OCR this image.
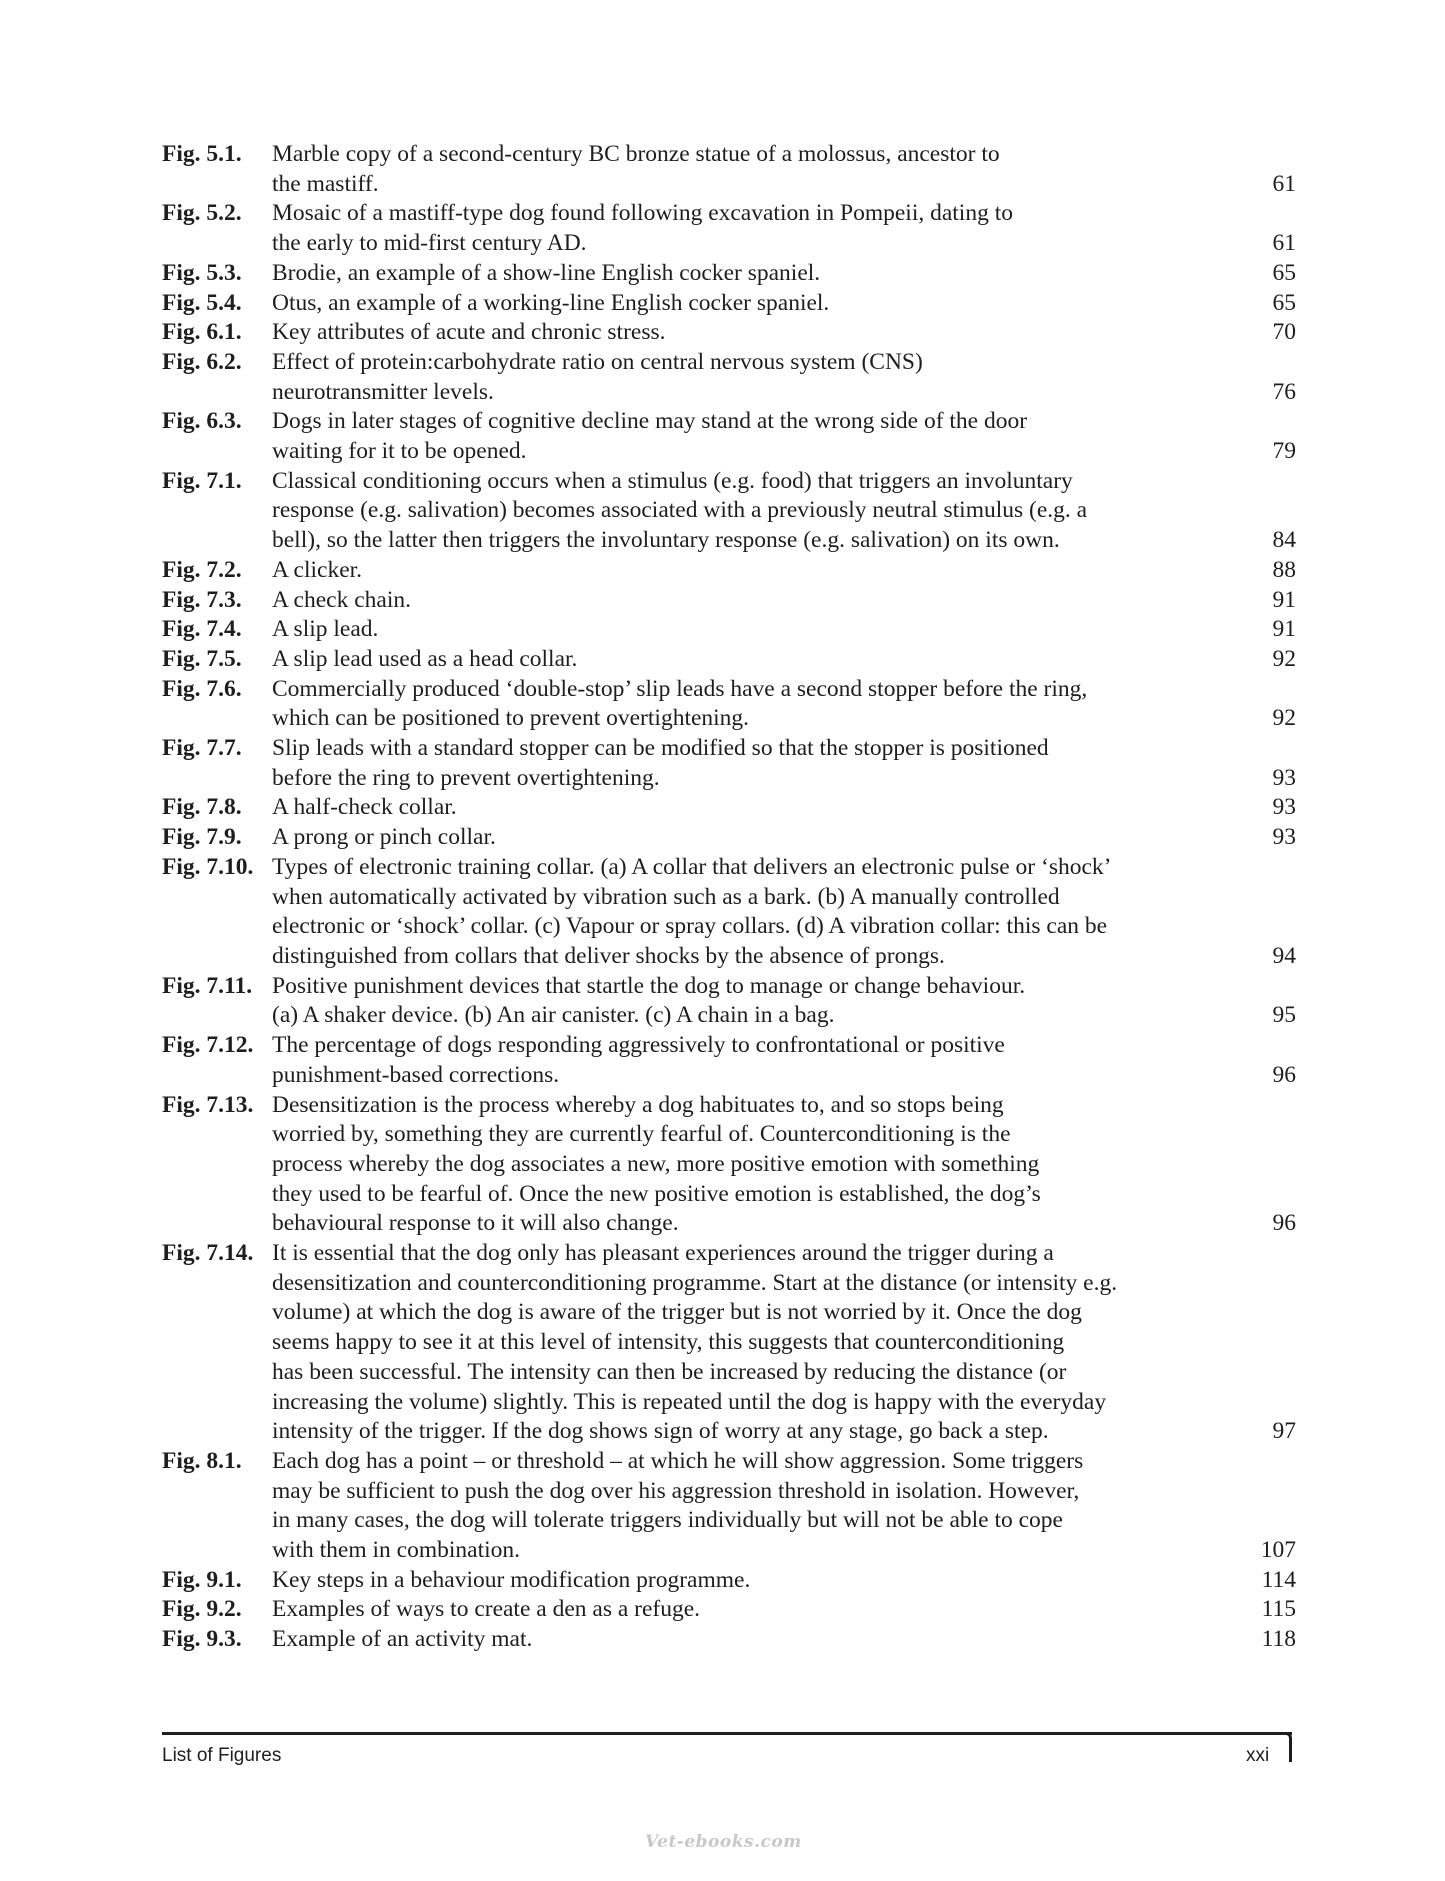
Fig. 5.1.	Marble copy of a second-century BC bronze statue of a molossus, ancestor to
the mastiff.	61
Fig. 5.2.	Mosaic of a mastiff-type dog found following excavation in Pompeii, dating to
the early to mid-first century AD.	61
Fig. 5.3.	Brodie, an example of a show-line English cocker spaniel.	65
Fig. 5.4.	Otus, an example of a working-line English cocker spaniel.	65
Fig. 6.1.	Key attributes of acute and chronic stress.	70
Fig. 6.2.	Effect of protein:carbohydrate ratio on central nervous system (CNS)
neurotransmitter levels.	76
Fig. 6.3.	Dogs in later stages of cognitive decline may stand at the wrong side of the door
waiting for it to be opened.	79
Fig. 7.1.	Classical conditioning occurs when a stimulus (e.g. food) that triggers an involuntary
response (e.g. salivation) becomes associated with a previously neutral stimulus (e.g. a
bell), so the latter then triggers the involuntary response (e.g. salivation) on its own.	84
Fig. 7.2.	A clicker.	88
Fig. 7.3.	A check chain.	91
Fig. 7.4.	A slip lead.	91
Fig. 7.5.	A slip lead used as a head collar.	92
Fig. 7.6.	Commercially produced ‘double-stop’ slip leads have a second stopper before the ring,
which can be positioned to prevent overtightening.	92
Fig. 7.7.	Slip leads with a standard stopper can be modified so that the stopper is positioned
before the ring to prevent overtightening.	93
Fig. 7.8.	A half-check collar.	93
Fig. 7.9.	A prong or pinch collar.	93
Fig. 7.10. Types of electronic training collar. (a) A collar that delivers an electronic pulse or ‘shock’
when automatically activated by vibration such as a bark. (b) A manually controlled
electronic or ‘shock’ collar. (c) Vapour or spray collars. (d) A vibration collar: this can be
distinguished from collars that deliver shocks by the absence of prongs.	94
Fig. 7.11. Positive punishment devices that startle the dog to manage or change behaviour.
(a) A shaker device. (b) An air canister. (c) A chain in a bag.	95
Fig. 7.12. The percentage of dogs responding aggressively to confrontational or positive
punishment-based corrections.	96
Fig. 7.13. Desensitization is the process whereby a dog habituates to, and so stops being
worried by, something they are currently fearful of. Counterconditioning is the
process whereby the dog associates a new, more positive emotion with something
they used to be fearful of. Once the new positive emotion is established, the dog’s
behavioural response to it will also change.	96
Fig. 7.14. It is essential that the dog only has pleasant experiences around the trigger during a
desensitization and counterconditioning programme. Start at the distance (or intensity e.g.
volume) at which the dog is aware of the trigger but is not worried by it. Once the dog
seems happy to see it at this level of intensity, this suggests that counterconditioning
has been successful. The intensity can then be increased by reducing the distance (or
increasing the volume) slightly. This is repeated until the dog is happy with the everyday
intensity of the trigger. If the dog shows sign of worry at any stage, go back a step.	97
Fig. 8.1.	Each dog has a point – or threshold – at which he will show aggression. Some triggers
may be sufficient to push the dog over his aggression threshold in isolation. However,
in many cases, the dog will tolerate triggers individually but will not be able to cope
with them in combination.	107
Fig. 9.1.	Key steps in a behaviour modification programme.	114
Fig. 9.2.	Examples of ways to create a den as a refuge.	115
Fig. 9.3.	Example of an activity mat.	118
List of Figures	xxi
Vet-ebooks.com
